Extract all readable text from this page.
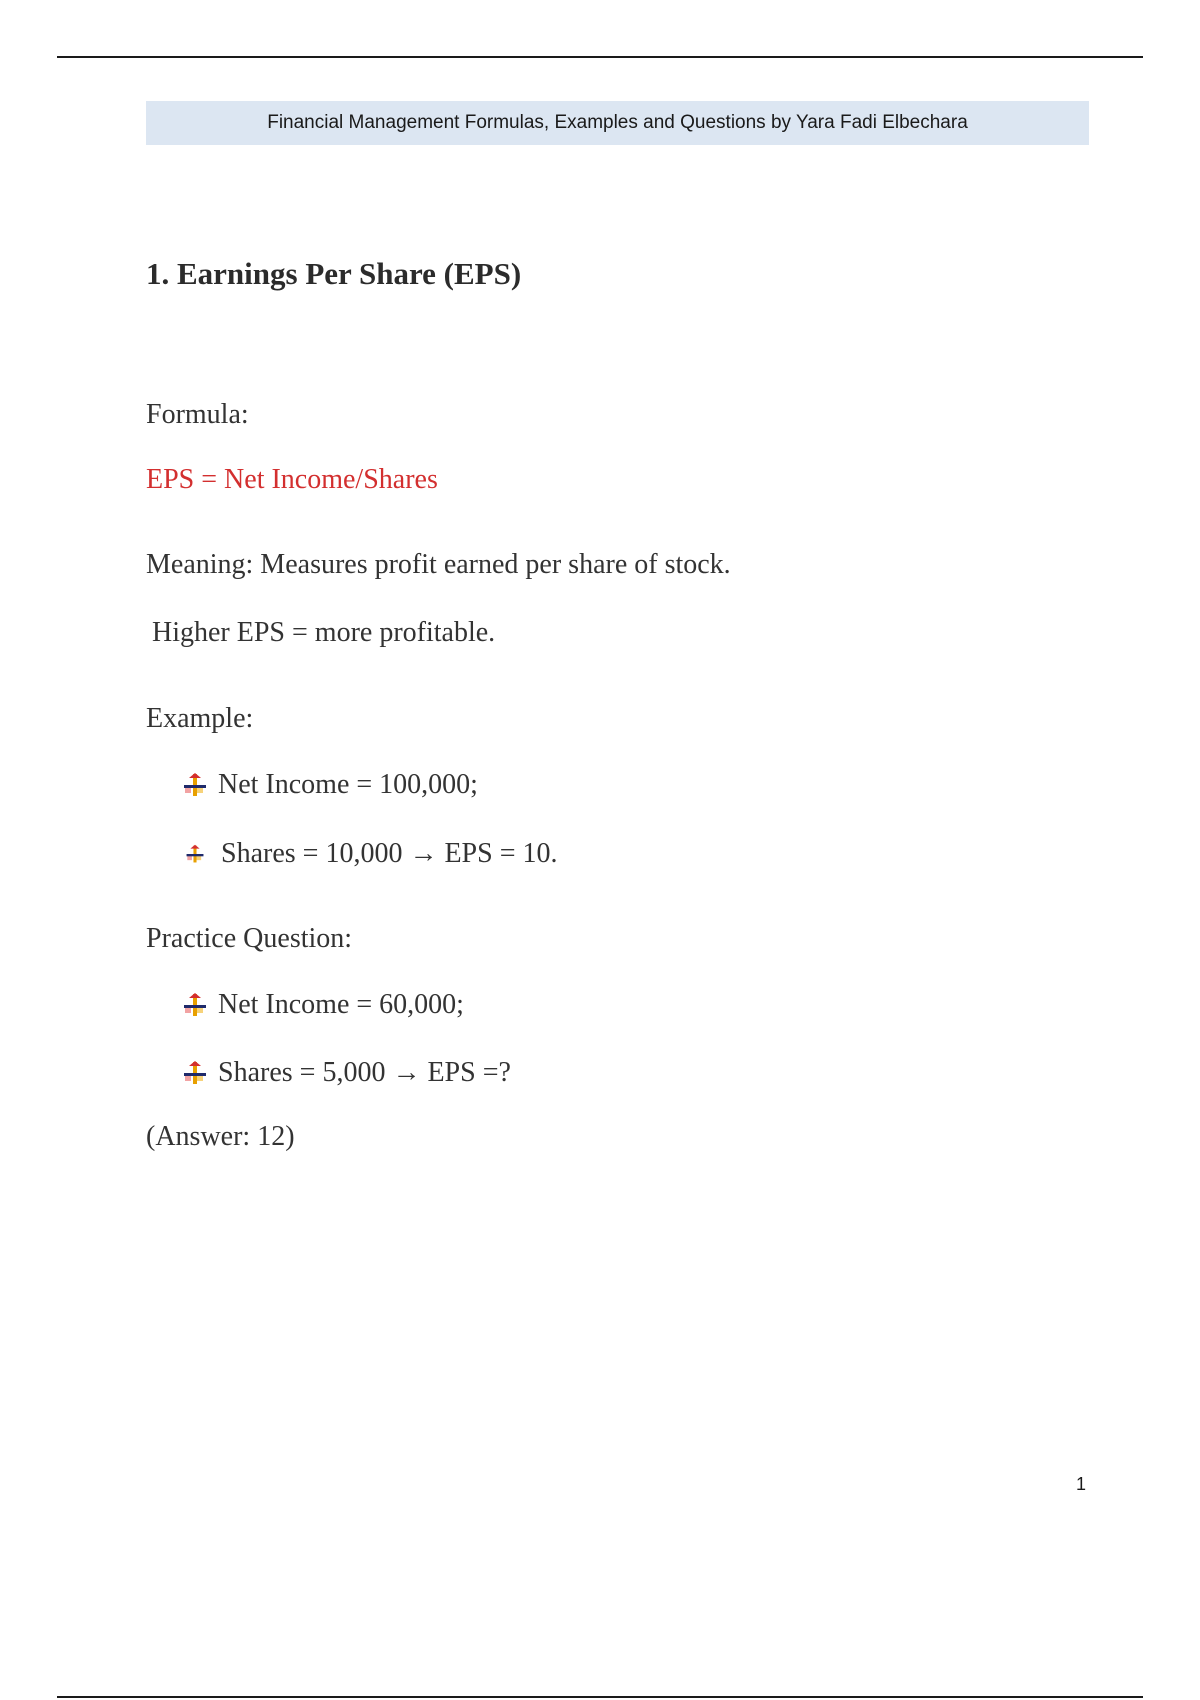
Financial Management Formulas, Examples and Questions by Yara Fadi Elbechara
1. Earnings Per Share (EPS)

Formula:

EPS = Net Income/Shares

Meaning: Measures profit earned per share of stock.

Higher EPS = more profitable.

Example:

Net Income = 100,000;
Shares = 10,000 → EPS = 10.

Practice Question:

Net Income = 60,000;
Shares = 5,000 → EPS =?

(Answer: 12)

1
